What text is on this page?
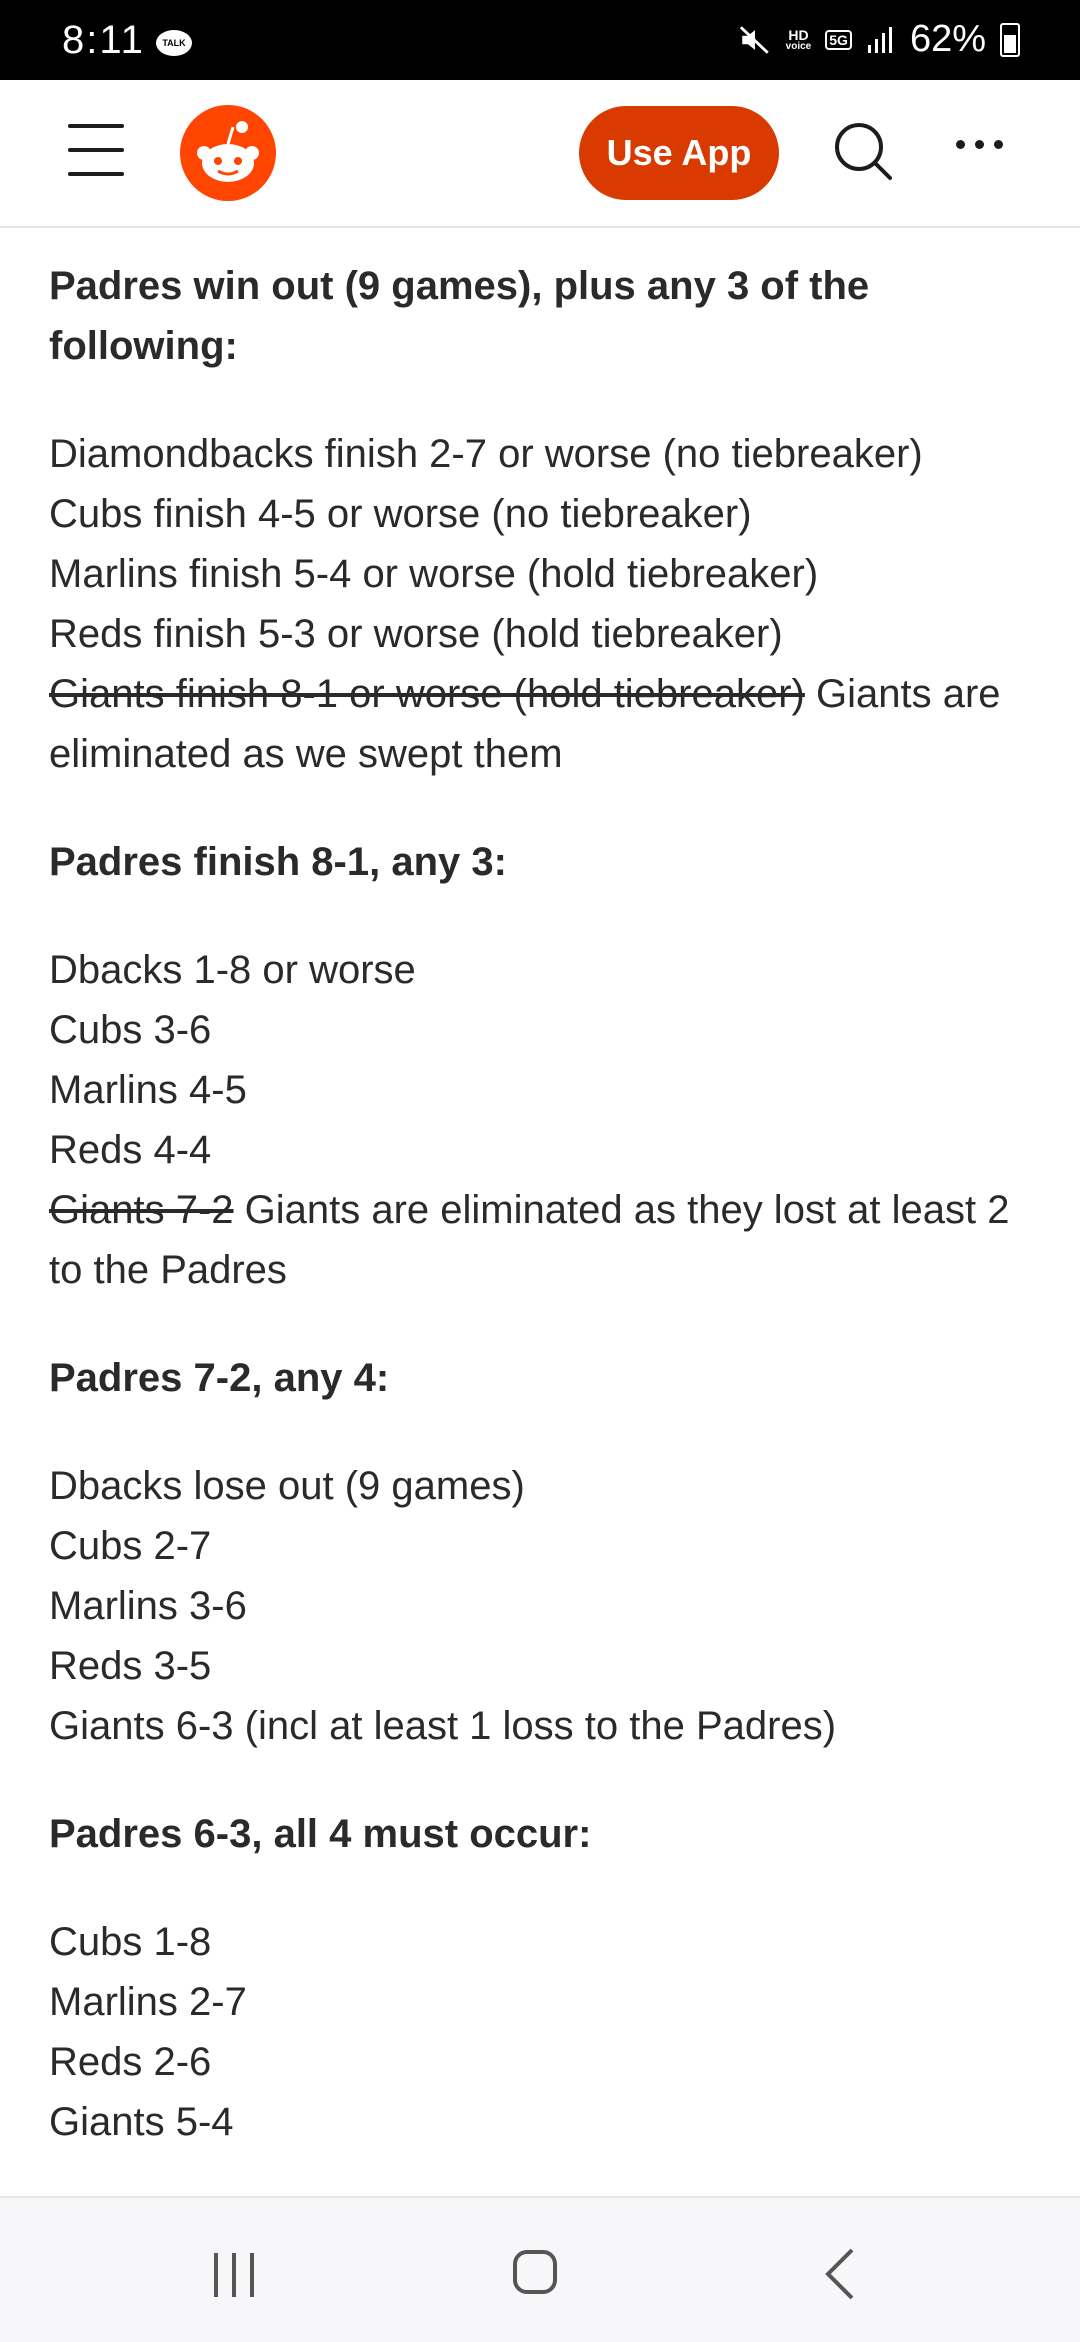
8:11	TALK
HD
voice 5G 62%
Use App
Padres win out (9 games), plus any 3 of the following:
Diamondbacks finish 2-7 or worse (no tiebreaker)
Cubs finish 4-5 or worse (no tiebreaker)
Marlins finish 5-4 or worse (hold tiebreaker)
Reds finish 5-3 or worse (hold tiebreaker)
Giants finish 8-1 or worse (hold tiebreaker) Giants are eliminated as we swept them
Padres finish 8-1, any 3:
Dbacks 1-8 or worse
Cubs 3-6
Marlins 4-5
Reds 4-4
Giants 7-2 Giants are eliminated as they lost at least 2 to the Padres
Padres 7-2, any 4:
Dbacks lose out (9 games)
Cubs 2-7
Marlins 3-6
Reds 3-5
Giants 6-3 (incl at least 1 loss to the Padres)
Padres 6-3, all 4 must occur:
Cubs 1-8
Marlins 2-7
Reds 2-6
Giants 5-4
